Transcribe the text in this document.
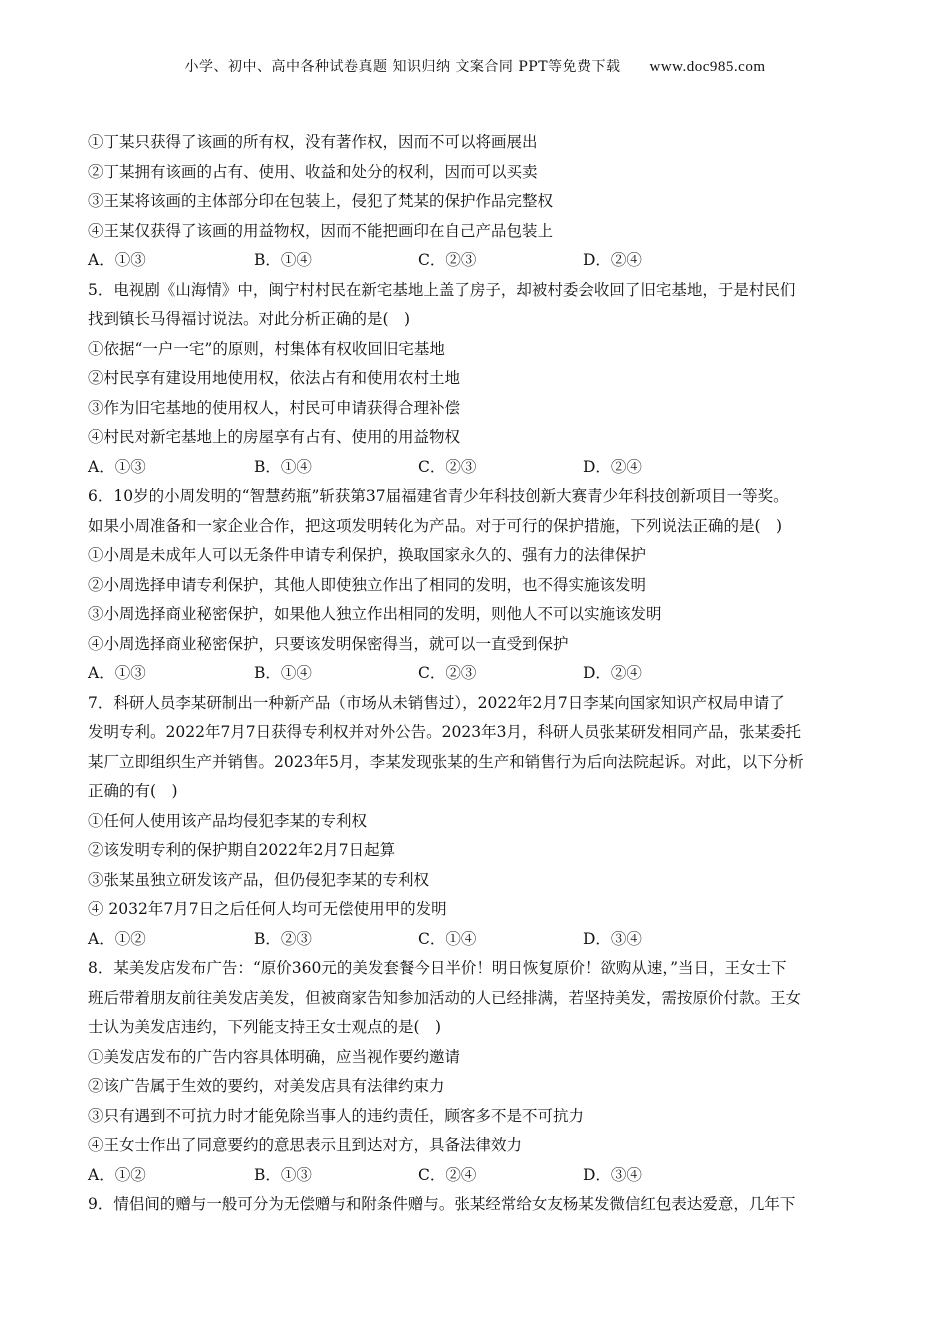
小学、初中、高中各种试卷真题 知识归纳 文案合同 PPT等免费下载 www.doc985.com
①丁某只获得了该画的所有权，没有著作权，因而不可以将画展出
②丁某拥有该画的占有、使用、收益和处分的权利，因而可以买卖
③王某将该画的主体部分印在包装上，侵犯了梵某的保护作品完整权
④王某仅获得了该画的用益物权，因而不能把画印在自己产品包装上
A．①③	B．①④	C．②③	D．②④
5．电视剧《山海情》中，闽宁村村民在新宅基地上盖了房子，却被村委会收回了旧宅基地，于是村民们
找到镇长马得福讨说法。对此分析正确的是(　)
①依据“一户一宅”的原则，村集体有权收回旧宅基地
②村民享有建设用地使用权，依法占有和使用农村土地
③作为旧宅基地的使用权人，村民可申请获得合理补偿
④村民对新宅基地上的房屋享有占有、使用的用益物权
A．①③	B．①④	C．②③	D．②④
6．10岁的小周发明的“智慧药瓶”斩获第37届福建省青少年科技创新大赛青少年科技创新项目一等奖。
如果小周准备和一家企业合作，把这项发明转化为产品。对于可行的保护措施，下列说法正确的是(　)
①小周是未成年人可以无条件申请专利保护，换取国家永久的、强有力的法律保护
②小周选择申请专利保护，其他人即使独立作出了相同的发明，也不得实施该发明
③小周选择商业秘密保护，如果他人独立作出相同的发明，则他人不可以实施该发明
④小周选择商业秘密保护，只要该发明保密得当，就可以一直受到保护
A．①③	B．①④	C．②③	D．②④
7．科研人员李某研制出一种新产品（市场从未销售过），2022年2月7日李某向国家知识产权局申请了
发明专利。2022年7月7日获得专利权并对外公告。2023年3月，科研人员张某研发相同产品，张某委托
某厂立即组织生产并销售。2023年5月，李某发现张某的生产和销售行为后向法院起诉。对此，以下分析
正确的有(　)
①任何人使用该产品均侵犯李某的专利权
②该发明专利的保护期自2022年2月7日起算
③张某虽独立研发该产品，但仍侵犯李某的专利权
④ 2032年7月7日之后任何人均可无偿使用甲的发明
A．①②	B．②③	C．①④	D．③④
8．某美发店发布广告：“原价360元的美发套餐今日半价！明日恢复原价！欲购从速，”当日，王女士下
班后带着朋友前往美发店美发，但被商家告知参加活动的人已经排满，若坚持美发，需按原价付款。王女
士认为美发店违约，下列能支持王女士观点的是(　)
①美发店发布的广告内容具体明确，应当视作要约邀请
②该广告属于生效的要约，对美发店具有法律约束力
③只有遇到不可抗力时才能免除当事人的违约责任，顾客多不是不可抗力
④王女士作出了同意要约的意思表示且到达对方，具备法律效力
A．①②	B．①③	C．②④	D．③④
9．情侣间的赠与一般可分为无偿赠与和附条件赠与。张某经常给女友杨某发微信红包表达爱意，几年下
